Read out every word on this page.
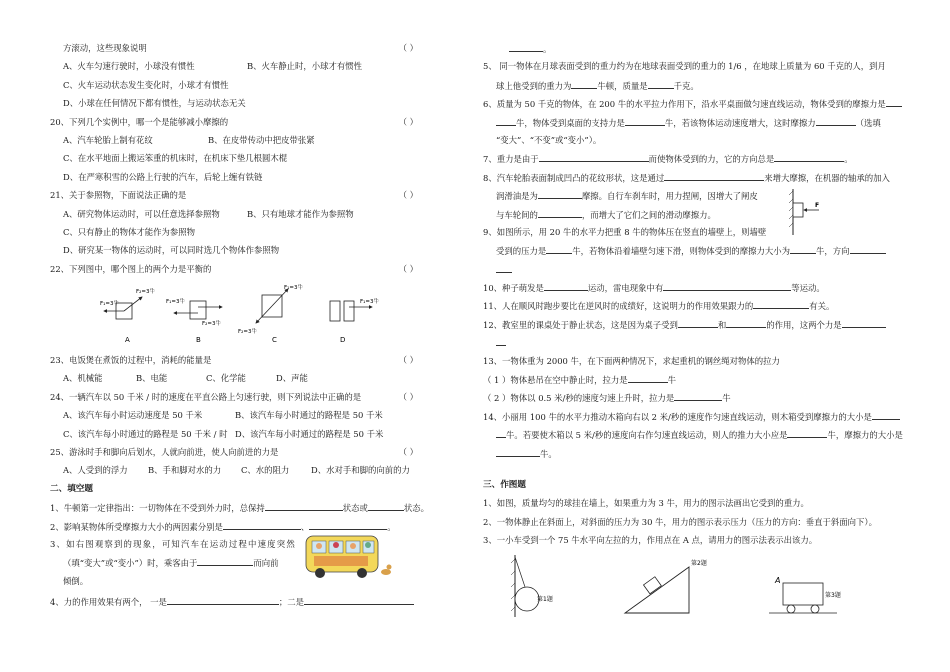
方滚动，这些现象说明	（ ）
A、火车匀速行驶时，小球没有惯性	B、火车静止时，小球才有惯性
C、火车运动状态发生变化时，小球才有惯性
D、小球在任何情况下都有惯性，与运动状态无关
20、下列几个实例中，哪一个是能够减小摩擦的	（ ）
A、汽车轮胎上制有花纹	B、在皮带传动中把皮带张紧
C、在水平地面上搬运笨重的机床时，在机床下垫几根圆木棍
D、在严寒积雪的公路上行驶的汽车，后轮上缠有铁链
21、关于参照物，下面说法正确的是	（ ）
A、研究物体运动时，可以任意选择参照物	B、只有地球才能作为参照物
C、只有静止的物体才能作为参照物
D、研究某一物体的运动时，可以同时选几个物体作参照物
22、下列图中，哪个图上的两个力是平衡的	（ ）
F₁=3牛
F₂=3牛
A
F₁=3牛
F₂=3牛
B
F₁=3牛
F₂=3牛
C
F₁=3牛
D
23、电饭煲在煮饭的过程中，消耗的能量是	（ ）
A、机械能	B、电能	C、化学能	D、声能
24、一辆汽车以 50 千米 / 时的速度在平直公路上匀速行驶，则下列说法中正确的是	（ ）
A、该汽车每小时运动速度是 50 千米	B、该汽车每小时通过的路程是 50 千米
C、该汽车每小时通过的路程是 50 千米 / 时 D、该汽车每小时通过的路程是 50 千米
25、游泳时手和脚向后划水，人就向前进，使人向前进的力是	（ ）
A、人受到的浮力	B、手和脚对水的力	C、水的阻力	D、水对手和脚的向前的力
二、填空题
1、牛顿第一定律指出：一切物体在不受到外力时，总保持	状态或	状态。
2、影响某物体所受摩擦力大小的两因素分别是	、	。
3、如右图观察到的现象，可知汽车在运动过程中速度突然
（填“变大”或“变小”）时，乘客由于	而向前
倾倒。
4、力的作用效果有两个， 一是	；二是
。
5、 同一物体在月球表面受到的重力约为在地球表面受到的重力的 1/6 ，在地球上质量为 60 千克的人，到月
球上他受到的重力为	牛顿，质量是	千克。
6、质量为 50 千克的物体，在 200 牛的水平拉力作用下，沿水平桌面做匀速直线运动，物体受到的摩擦力是
牛，物体受到桌面的支持力是	牛，若该物体运动速度增大，这时摩擦力	（选填
“变大”、“不变”或“变小”）。
7、重力是由于	而使物体受到的力，它的方向总是	。
8、汽车轮胎表面制成凹凸的花纹形状，这是通过	来增大摩擦，在机器的轴承的加入
润滑油是为	摩擦。自行车刹车时，用力捏闸，因增大了闸皮
与车轮间的	，而增大了它们之间的滑动摩擦力。
9、如图所示，用 20 牛的水平力把重 8 牛的物体压在竖直的墙壁上，则墙壁
受到的压力是	牛，若物体沿着墙壁匀速下滑，则物体受到的摩擦力大小为	牛，方向
F
10、种子萌发是	运动，雷电现象中有	等运动。
11、人在顺风时跑步要比在逆风时的成绩好，这说明力的作用效果跟力的	有关。
12、教室里的课桌处于静止状态，这是因为桌子受到	和	的作用，这两个力是
13、一物体重为 2000 牛，在下面两种情况下，求起重机的钢丝绳对物体的拉力
（ 1 ）物体悬吊在空中静止时，拉力是	牛
（ 2 ）物体以 0.5 米/秒的速度匀速上升时，拉力是	牛
14、小丽用 100 牛的水平力推动木箱向右以 2 米/秒的速度作匀速直线运动，则木箱受到摩擦力的大小是
牛。若要使木箱以 5 米/秒的速度向右作匀速直线运动，则人的推力大小应是	牛，摩擦力的大小是
牛。
三、作图题
1、如图，质量均匀的球挂在墙上，如果重力为 3 牛，用力的图示法画出它受到的重力。
2、一物体静止在斜面上，对斜面的压力为 30 牛，用力的图示表示压力（压力的方向：垂直于斜面向下）。
3、一小车受到一个 75 牛水平向左拉的力，作用点在 A 点，请用力的图示法表示出该力。
第1题
第2题
A
第3题
